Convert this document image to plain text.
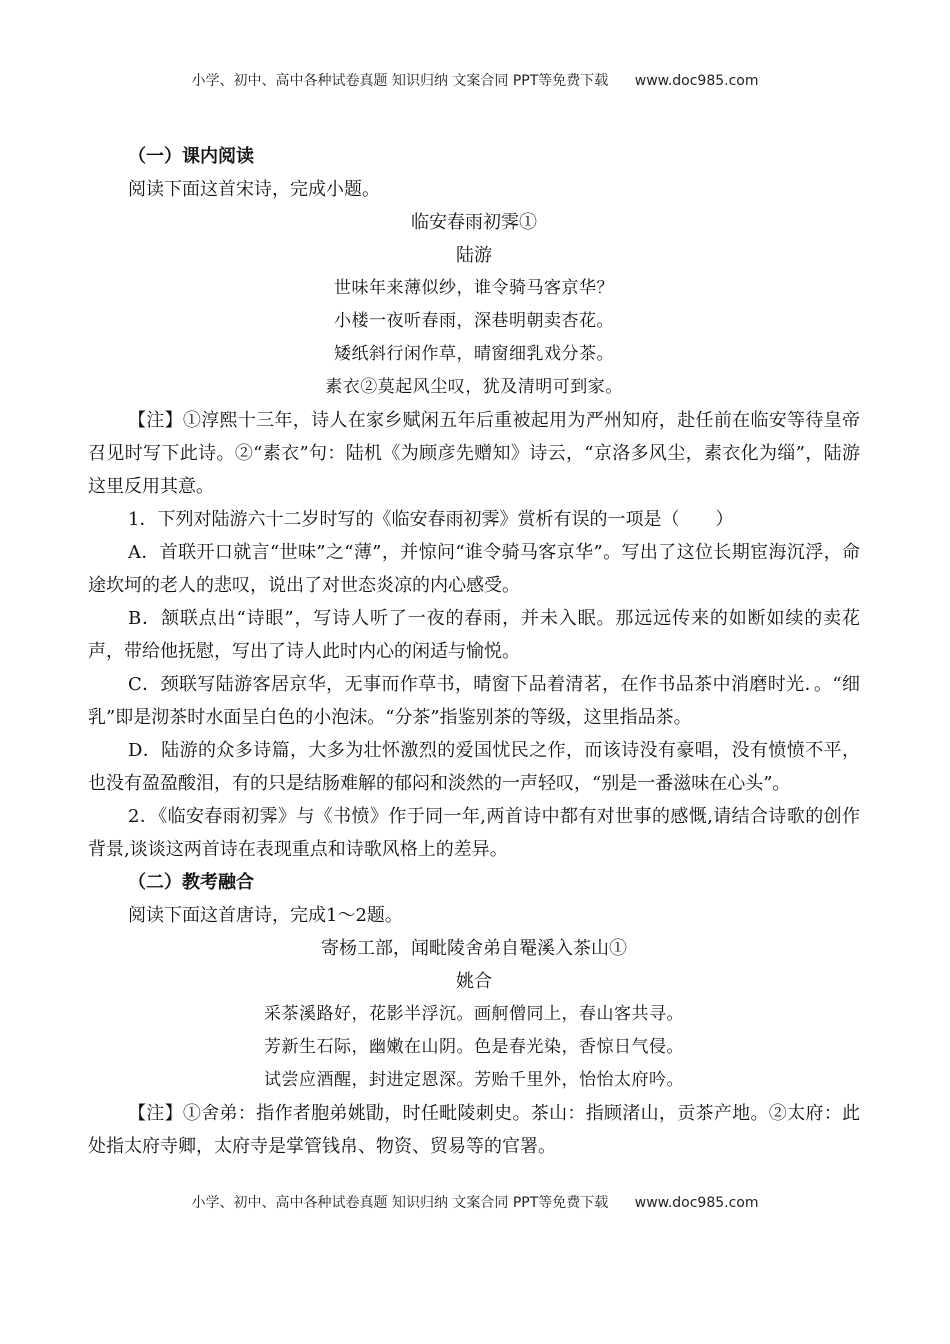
小学、初中、高中各种试卷真题 知识归纳 文案合同 PPT等免费下载 www.doc985.com
（一）课内阅读
阅读下面这首宋诗，完成小题。
临安春雨初霁①
陆游
世味年来薄似纱，谁令骑马客京华？
小楼一夜听春雨，深巷明朝卖杏花。
矮纸斜行闲作草，晴窗细乳戏分茶。
素衣②莫起风尘叹，犹及清明可到家。
【注】①淳熙十三年，诗人在家乡赋闲五年后重被起用为严州知府，赴任前在临安等待皇帝召见时写下此诗。②“素衣”句：陆机《为顾彦先赠知》诗云，“京洛多风尘，素衣化为缁”，陆游这里反用其意。
1．下列对陆游六十二岁时写的《临安春雨初霁》赏析有误的一项是（　　）
A．首联开口就言“世味”之“薄”，并惊问“谁令骑马客京华”。写出了这位长期宦海沉浮，命途坎坷的老人的悲叹，说出了对世态炎凉的内心感受。
B．颔联点出“诗眼”，写诗人听了一夜的春雨，并未入眠。那远远传来的如断如续的卖花声，带给他抚慰，写出了诗人此时内心的闲适与愉悦。
C．颈联写陆游客居京华，无事而作草书，晴窗下品着清茗，在作书品茶中消磨时光．。“细乳”即是沏茶时水面呈白色的小泡沫。“分茶”指鉴别茶的等级，这里指品茶。
D．陆游的众多诗篇，大多为壮怀激烈的爱国忧民之作，而该诗没有豪唱，没有愤愤不平，也没有盈盈酸泪，有的只是结肠难解的郁闷和淡然的一声轻叹，“别是一番滋味在心头”。
2．《临安春雨初霁》与《书愤》作于同一年,两首诗中都有对世事的感慨,请结合诗歌的创作背景,谈谈这两首诗在表现重点和诗歌风格上的差异。
（二）教考融合
阅读下面这首唐诗，完成1～2题。
寄杨工部，闻毗陵舍弟自罨溪入茶山①
姚合
采茶溪路好，花影半浮沉。画舸僧同上，春山客共寻。
芳新生石际，幽嫩在山阴。色是春光染，香惊日气侵。
试尝应酒醒，封进定恩深。芳贻千里外，怡怡太府吟。
【注】①舍弟：指作者胞弟姚勖，时任毗陵刺史。茶山：指顾渚山，贡茶产地。②太府：此处指太府寺卿，太府寺是掌管钱帛、物资、贸易等的官署。
小学、初中、高中各种试卷真题 知识归纳 文案合同 PPT等免费下载 www.doc985.com
